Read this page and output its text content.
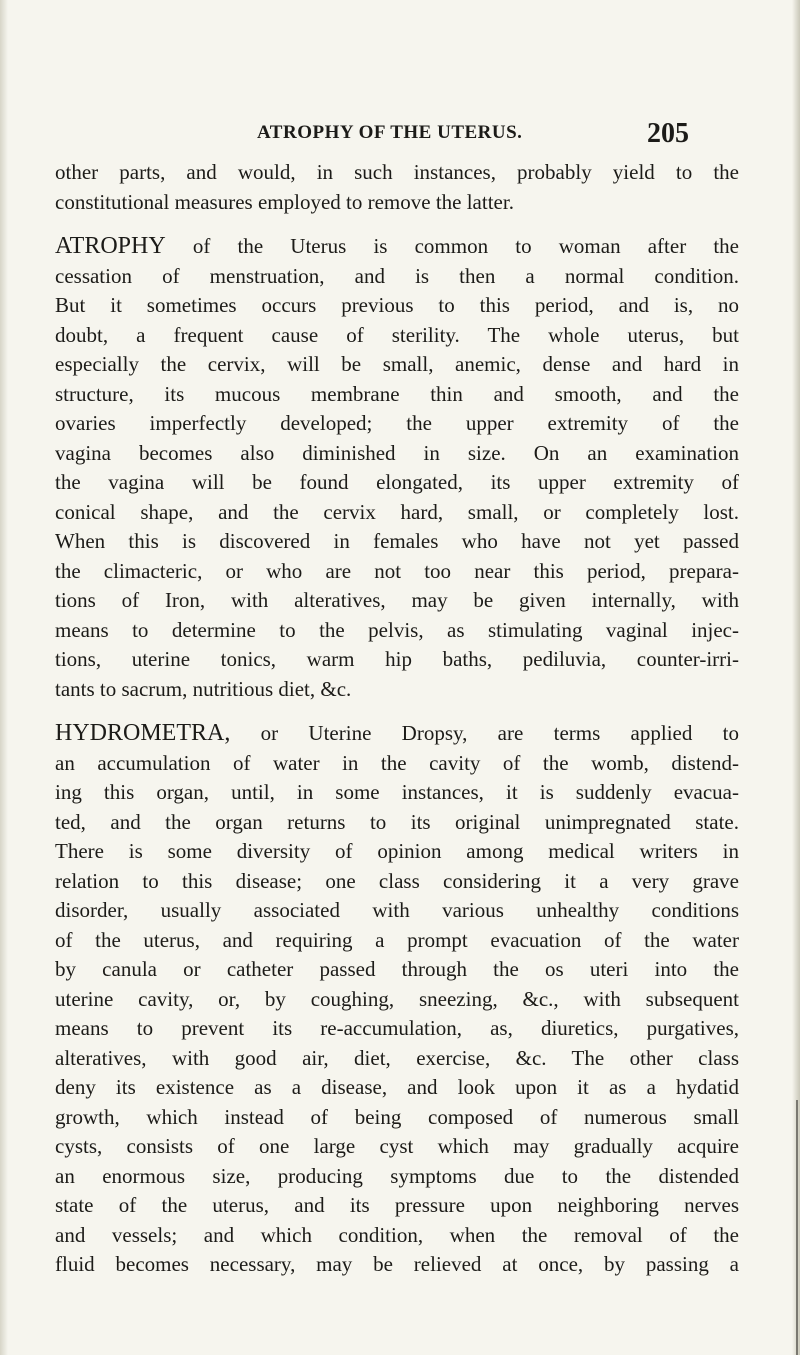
ATROPHY OF THE UTERUS.	205

other parts, and would, in such instances, probably yield to the
constitutional measures employed to remove the latter.

ATROPHY of the Uterus is common to woman after the
cessation of menstruation, and is then a normal condition.
But it sometimes occurs previous to this period, and is, no
doubt, a frequent cause of sterility. The whole uterus, but
especially the cervix, will be small, anemic, dense and hard in
structure, its mucous membrane thin and smooth, and the
ovaries imperfectly developed; the upper extremity of the
vagina becomes also diminished in size. On an examination
the vagina will be found elongated, its upper extremity of
conical shape, and the cervix hard, small, or completely lost.
When this is discovered in females who have not yet passed
the climacteric, or who are not too near this period, prepara-
tions of Iron, with alteratives, may be given internally, with
means to determine to the pelvis, as stimulating vaginal injec-
tions, uterine tonics, warm hip baths, pediluvia, counter-irri-
tants to sacrum, nutritious diet, &c.

HYDROMETRA, or Uterine Dropsy, are terms applied to
an accumulation of water in the cavity of the womb, distend-
ing this organ, until, in some instances, it is suddenly evacua-
ted, and the organ returns to its original unimpregnated state.
There is some diversity of opinion among medical writers in
relation to this disease; one class considering it a very grave
disorder, usually associated with various unhealthy conditions
of the uterus, and requiring a prompt evacuation of the water
by canula or catheter passed through the os uteri into the
uterine cavity, or, by coughing, sneezing, &c., with subsequent
means to prevent its re-accumulation, as, diuretics, purgatives,
alteratives, with good air, diet, exercise, &c. The other class
deny its existence as a disease, and look upon it as a hydatid
growth, which instead of being composed of numerous small
cysts, consists of one large cyst which may gradually acquire
an enormous size, producing symptoms due to the distended
state of the uterus, and its pressure upon neighboring nerves
and vessels; and which condition, when the removal of the
fluid becomes necessary, may be relieved at once, by passing a
